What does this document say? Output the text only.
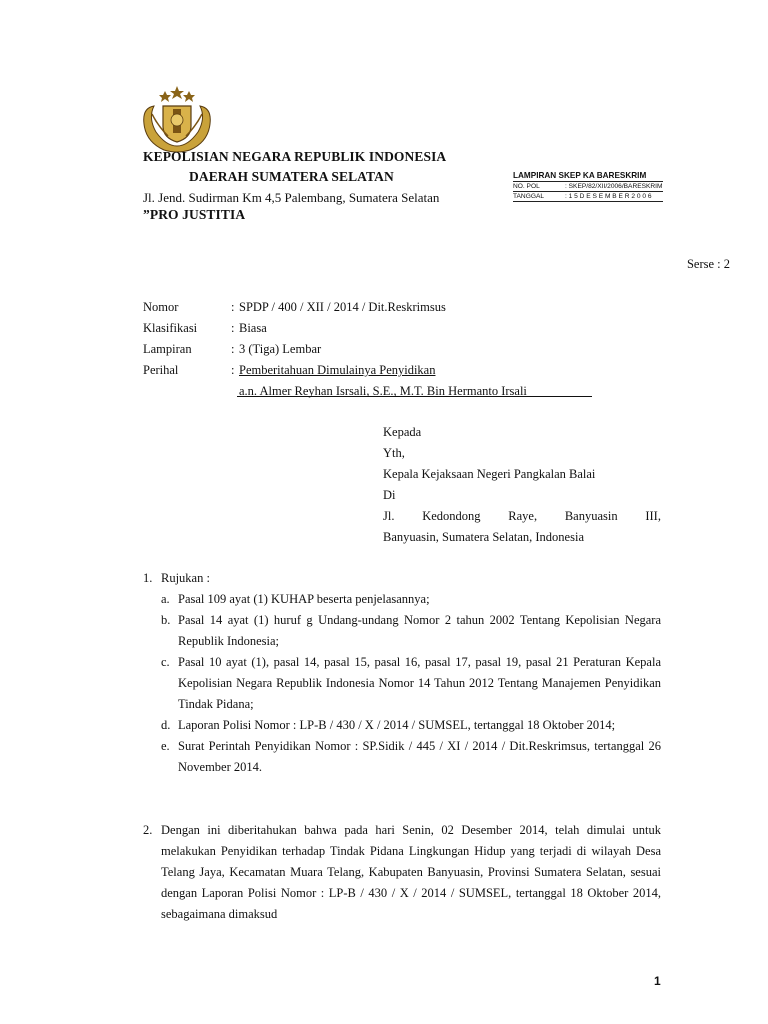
KEPOLISIAN NEGARA REPUBLIK INDONESIA
DAERAH SUMATERA SELATAN
Jl. Jend. Sudirman Km 4,5 Palembang, Sumatera Selatan
”PRO JUSTITIA
LAMPIRAN SKEP KA BARESKRIM
NO. POL	: SKEP/82/XII/2006/BARESKRIM
TANGGAL	: 1 5 D E S E M B E R 2 0 0 6
Serse : 2
Nomor	: SPDP / 400 / XII / 2014 / Dit.Reskrimsus
Klasifikasi	: Biasa
Lampiran	: 3 (Tiga) Lembar
Perihal	: Pemberitahuan Dimulainya Penyidikan
a.n. Almer Reyhan Isrsali, S.E., M.T. Bin Hermanto Irsali
Kepada
Yth,
Kepala Kejaksaan Negeri Pangkalan Balai
Di
Jl. Kedondong Raye, Banyuasin III,
Banyuasin, Sumatera Selatan, Indonesia
1. Rujukan :
a. Pasal 109 ayat (1) KUHAP beserta penjelasannya;
b. Pasal 14 ayat (1) huruf g Undang-undang Nomor 2 tahun 2002 Tentang Kepolisian Negara Republik Indonesia;
c. Pasal 10 ayat (1), pasal 14, pasal 15, pasal 16, pasal 17, pasal 19, pasal 21 Peraturan Kepala Kepolisian Negara Republik Indonesia Nomor 14 Tahun 2012 Tentang Manajemen Penyidikan Tindak Pidana;
d. Laporan Polisi Nomor : LP-B / 430 / X / 2014 / SUMSEL, tertanggal 18 Oktober 2014;
e. Surat Perintah Penyidikan Nomor : SP.Sidik / 445 / XI / 2014 / Dit.Reskrimsus, tertanggal 26 November 2014.
2. Dengan ini diberitahukan bahwa pada hari Senin, 02 Desember 2014, telah dimulai untuk melakukan Penyidikan terhadap Tindak Pidana Lingkungan Hidup yang terjadi di wilayah Desa Telang Jaya, Kecamatan Muara Telang, Kabupaten Banyuasin, Provinsi Sumatera Selatan, sesuai dengan Laporan Polisi Nomor : LP-B / 430 / X / 2014 / SUMSEL, tertanggal 18 Oktober 2014, sebagaimana dimaksud
1
